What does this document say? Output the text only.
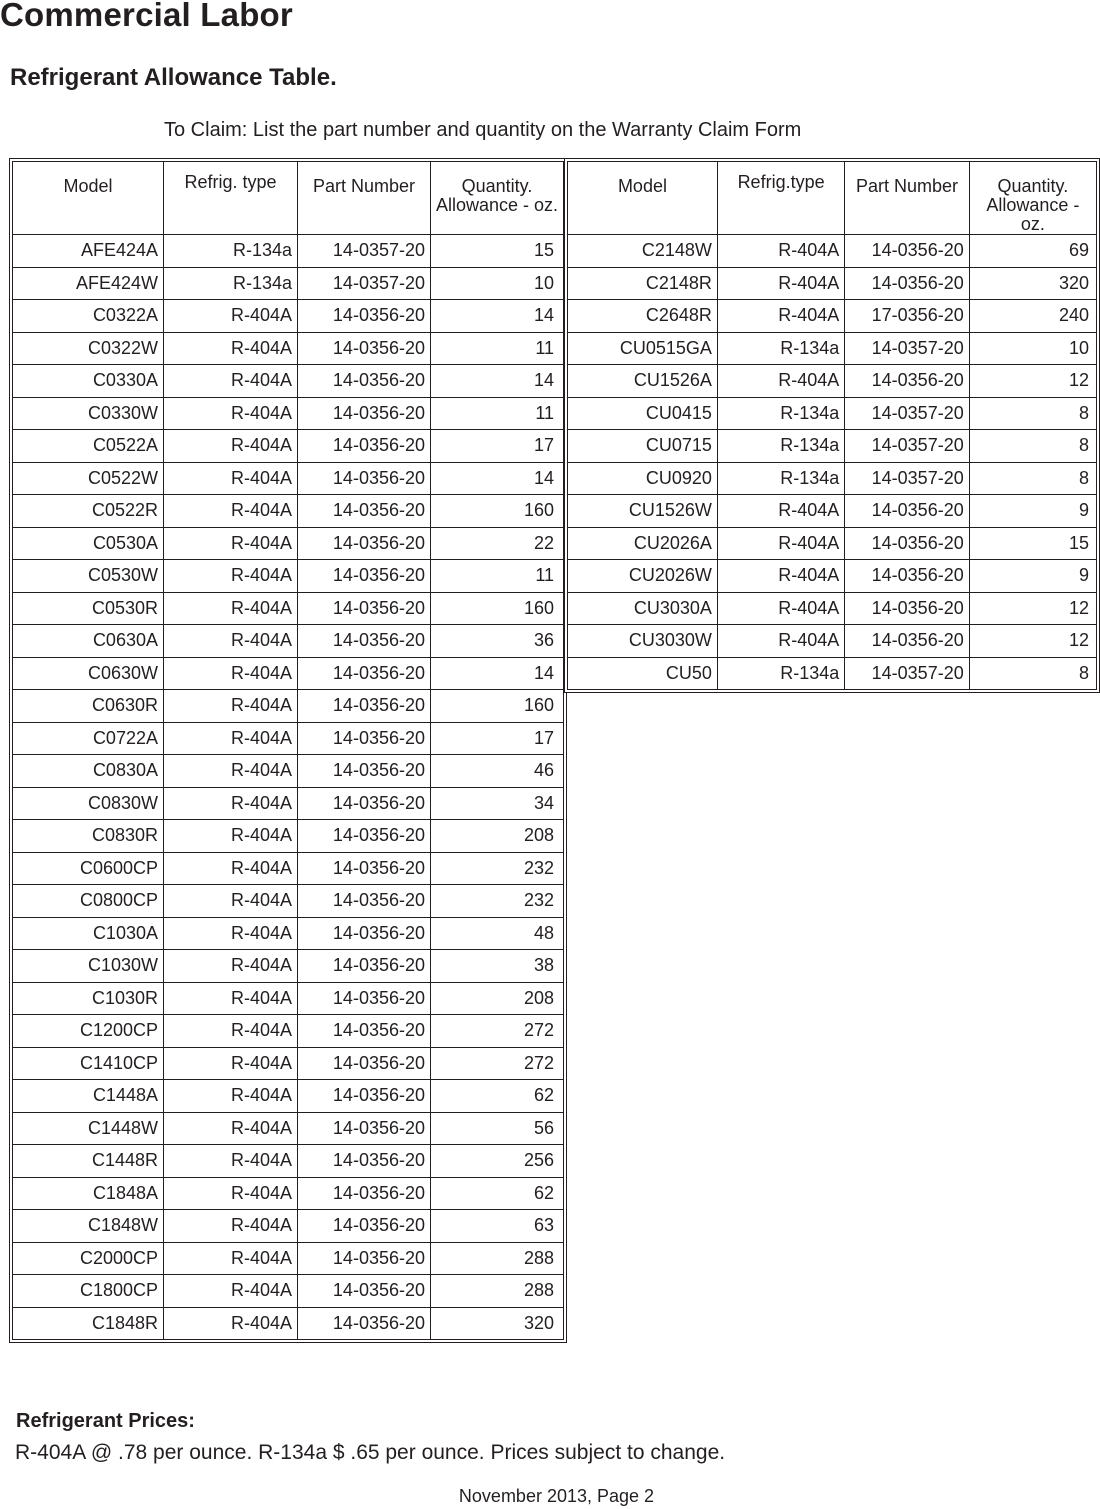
Commercial Labor
Refrigerant Allowance Table.
To Claim: List the part number and quantity on the Warranty Claim Form
Model	Refrig. type	Part Number	Quantity. Allowance - oz.

AFE424A	R-134a	14-0357-20	15
AFE424W	R-134a	14-0357-20	10
C0322A	R-404A	14-0356-20	14
C0322W	R-404A	14-0356-20	11
C0330A	R-404A	14-0356-20	14
C0330W	R-404A	14-0356-20	11
C0522A	R-404A	14-0356-20	17
C0522W	R-404A	14-0356-20	14
C0522R	R-404A	14-0356-20	160
C0530A	R-404A	14-0356-20	22
C0530W	R-404A	14-0356-20	11
C0530R	R-404A	14-0356-20	160
C0630A	R-404A	14-0356-20	36
C0630W	R-404A	14-0356-20	14
C0630R	R-404A	14-0356-20	160
C0722A	R-404A	14-0356-20	17
C0830A	R-404A	14-0356-20	46
C0830W	R-404A	14-0356-20	34
C0830R	R-404A	14-0356-20	208
C0600CP	R-404A	14-0356-20	232
C0800CP	R-404A	14-0356-20	232
C1030A	R-404A	14-0356-20	48
C1030W	R-404A	14-0356-20	38
C1030R	R-404A	14-0356-20	208
C1200CP	R-404A	14-0356-20	272
C1410CP	R-404A	14-0356-20	272
C1448A	R-404A	14-0356-20	62
C1448W	R-404A	14-0356-20	56
C1448R	R-404A	14-0356-20	256
C1848A	R-404A	14-0356-20	62
C1848W	R-404A	14-0356-20	63
C2000CP	R-404A	14-0356-20	288
C1800CP	R-404A	14-0356-20	288
C1848R	R-404A	14-0356-20	320
Model	Refrig.type	Part Number	Quantity. Allowance - oz.

C2148W	R-404A	14-0356-20	69
C2148R	R-404A	14-0356-20	320
C2648R	R-404A	17-0356-20	240
CU0515GA	R-134a	14-0357-20	10
CU1526A	R-404A	14-0356-20	12
CU0415	R-134a	14-0357-20	8
CU0715	R-134a	14-0357-20	8
CU0920	R-134a	14-0357-20	8
CU1526W	R-404A	14-0356-20	9
CU2026A	R-404A	14-0356-20	15
CU2026W	R-404A	14-0356-20	9
CU3030A	R-404A	14-0356-20	12
CU3030W	R-404A	14-0356-20	12
CU50	R-134a	14-0357-20	8
Refrigerant Prices:
R-404A @ .78 per ounce. R-134a $ .65 per ounce. Prices subject to change.
November 2013, Page 2
